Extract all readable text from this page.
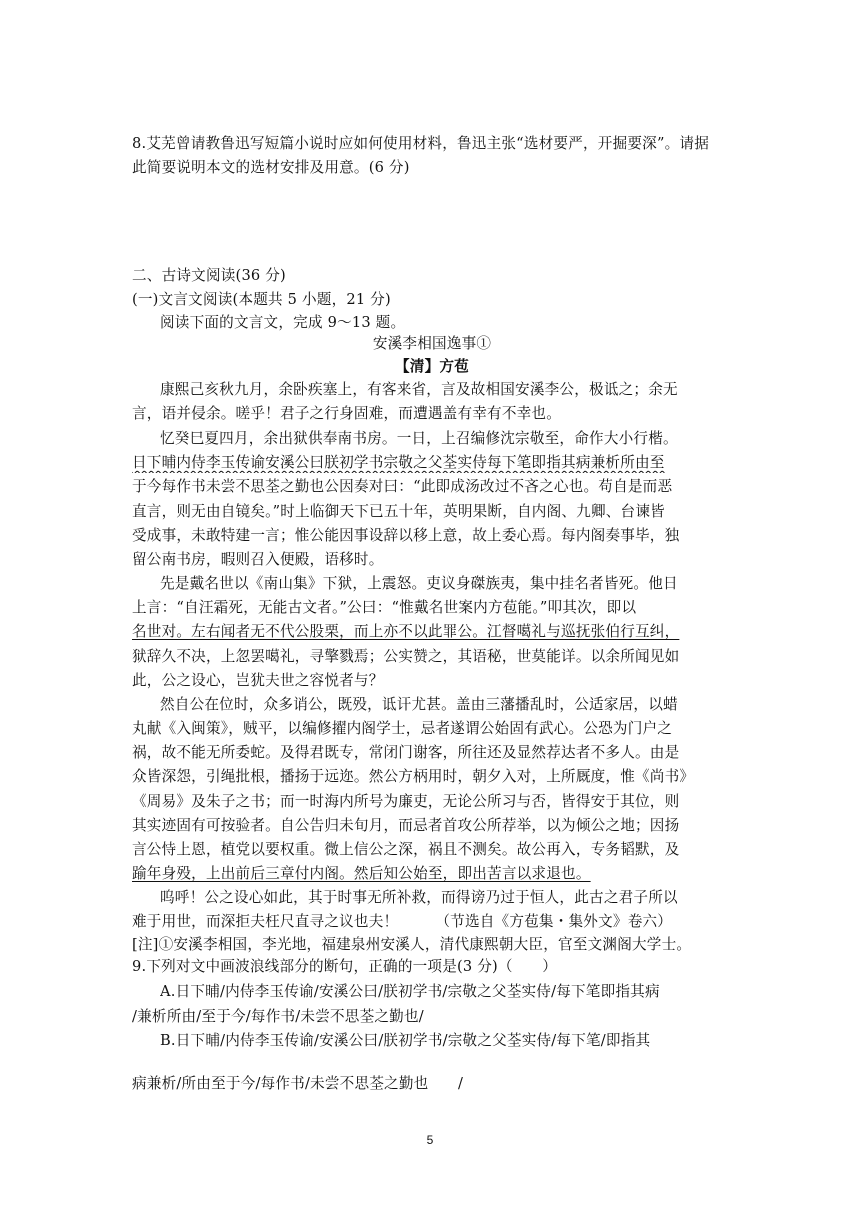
8.艾芜曾请教鲁迅写短篇小说时应如何使用材料，鲁迅主张“选材要严，开掘要深”。请据
此简要说明本文的选材安排及用意。(6 分)
二、古诗文阅读(36 分)
(一)文言文阅读(本题共 5 小题，21 分)
阅读下面的文言文，完成 9～13 题。
安溪李相国逸事①
【清】方苞
康熙己亥秋九月，余卧疾塞上，有客来省，言及故相国安溪李公，极诋之；余无
言，语并侵余。嗟乎！君子之行身固难，而遭遇盖有幸有不幸也。
忆癸巳夏四月，余出狱供奉南书房。一日，上召编修沈宗敬至，命作大小行楷。
日下晡内侍李玉传谕安溪公曰朕初学书宗敬之父荃实侍每下笔即指其病兼析所由至
于今每作书未尝不思荃之勤也公因奏对曰：“此即成汤改过不吝之心也。苟自是而恶
直言，则无由自镜矣。”时上临御天下已五十年，英明果断，自内阁、九卿、台谏皆
受成事，未敢特建一言；惟公能因事设辞以移上意，故上委心焉。每内阁奏事毕，独
留公南书房，暇则召入便殿，语移时。
先是戴名世以《南山集》下狱，上震怒。吏议身磔族夷，集中挂名者皆死。他日
上言：“自汪霜死，无能古文者。”公曰：“惟戴名世案内方苞能。”叩其次，即以
名世对。左右闻者无不代公股栗，而上亦不以此罪公。江督噶礼与巡抚张伯行互纠，
狱辞久不决，上忽罢噶礼，寻擎戮焉；公实赞之，其语秘，世莫能详。以余所闻见如
此，公之设心，岂犹夫世之容悦者与？
然自公在位时，众多诮公，既殁，诋讦尤甚。盖由三藩播乱时，公适家居，以蜡
丸献《入闽策》，贼平，以编修擢内阁学士，忌者遂谓公始固有武心。公恐为门户之
祸，故不能无所委蛇。及得君既专，常闭门谢客，所往还及显然荐达者不多人。由是
众皆深怨，引绳批根，播扬于远迩。然公方柄用时，朝夕入对，上所厩度，惟《尚书》
《周易》及朱子之书；而一时海内所号为廉吏，无论公所习与否，皆得安于其位，则
其实迹固有可按验者。自公告归未旬月，而忌者首攻公所荐举，以为倾公之地；因扬
言公恃上恩，植党以要权重。微上信公之深，祸且不测矣。故公再入，专务韬默，及
踰年身殁，上出前后三章付内阁。然后知公始至，即出苦言以求退也。
呜呼！公之设心如此，其于时事无所补救，而得谤乃过于恒人，此古之君子所以
难于用世，而深拒夫枉尺直寻之议也夫！　　　（节选自《方苞集・集外文》卷六）
[注]①安溪李相国，李光地，福建泉州安溪人，清代康熙朝大臣，官至文渊阁大学士。
9.下列对文中画波浪线部分的断句，正确的一项是(3 分)（　　）
A.日下晡/内侍李玉传谕/安溪公曰/朕初学书/宗敬之父荃实侍/每下笔即指其病
/兼析所由/至于今/每作书/未尝不思荃之勤也/
B.日下晡/内侍李玉传谕/安溪公曰/朕初学书/宗敬之父荃实侍/每下笔/即指其
病兼析/所由至于今/每作书/未尝不思荃之勤也　　/
5
